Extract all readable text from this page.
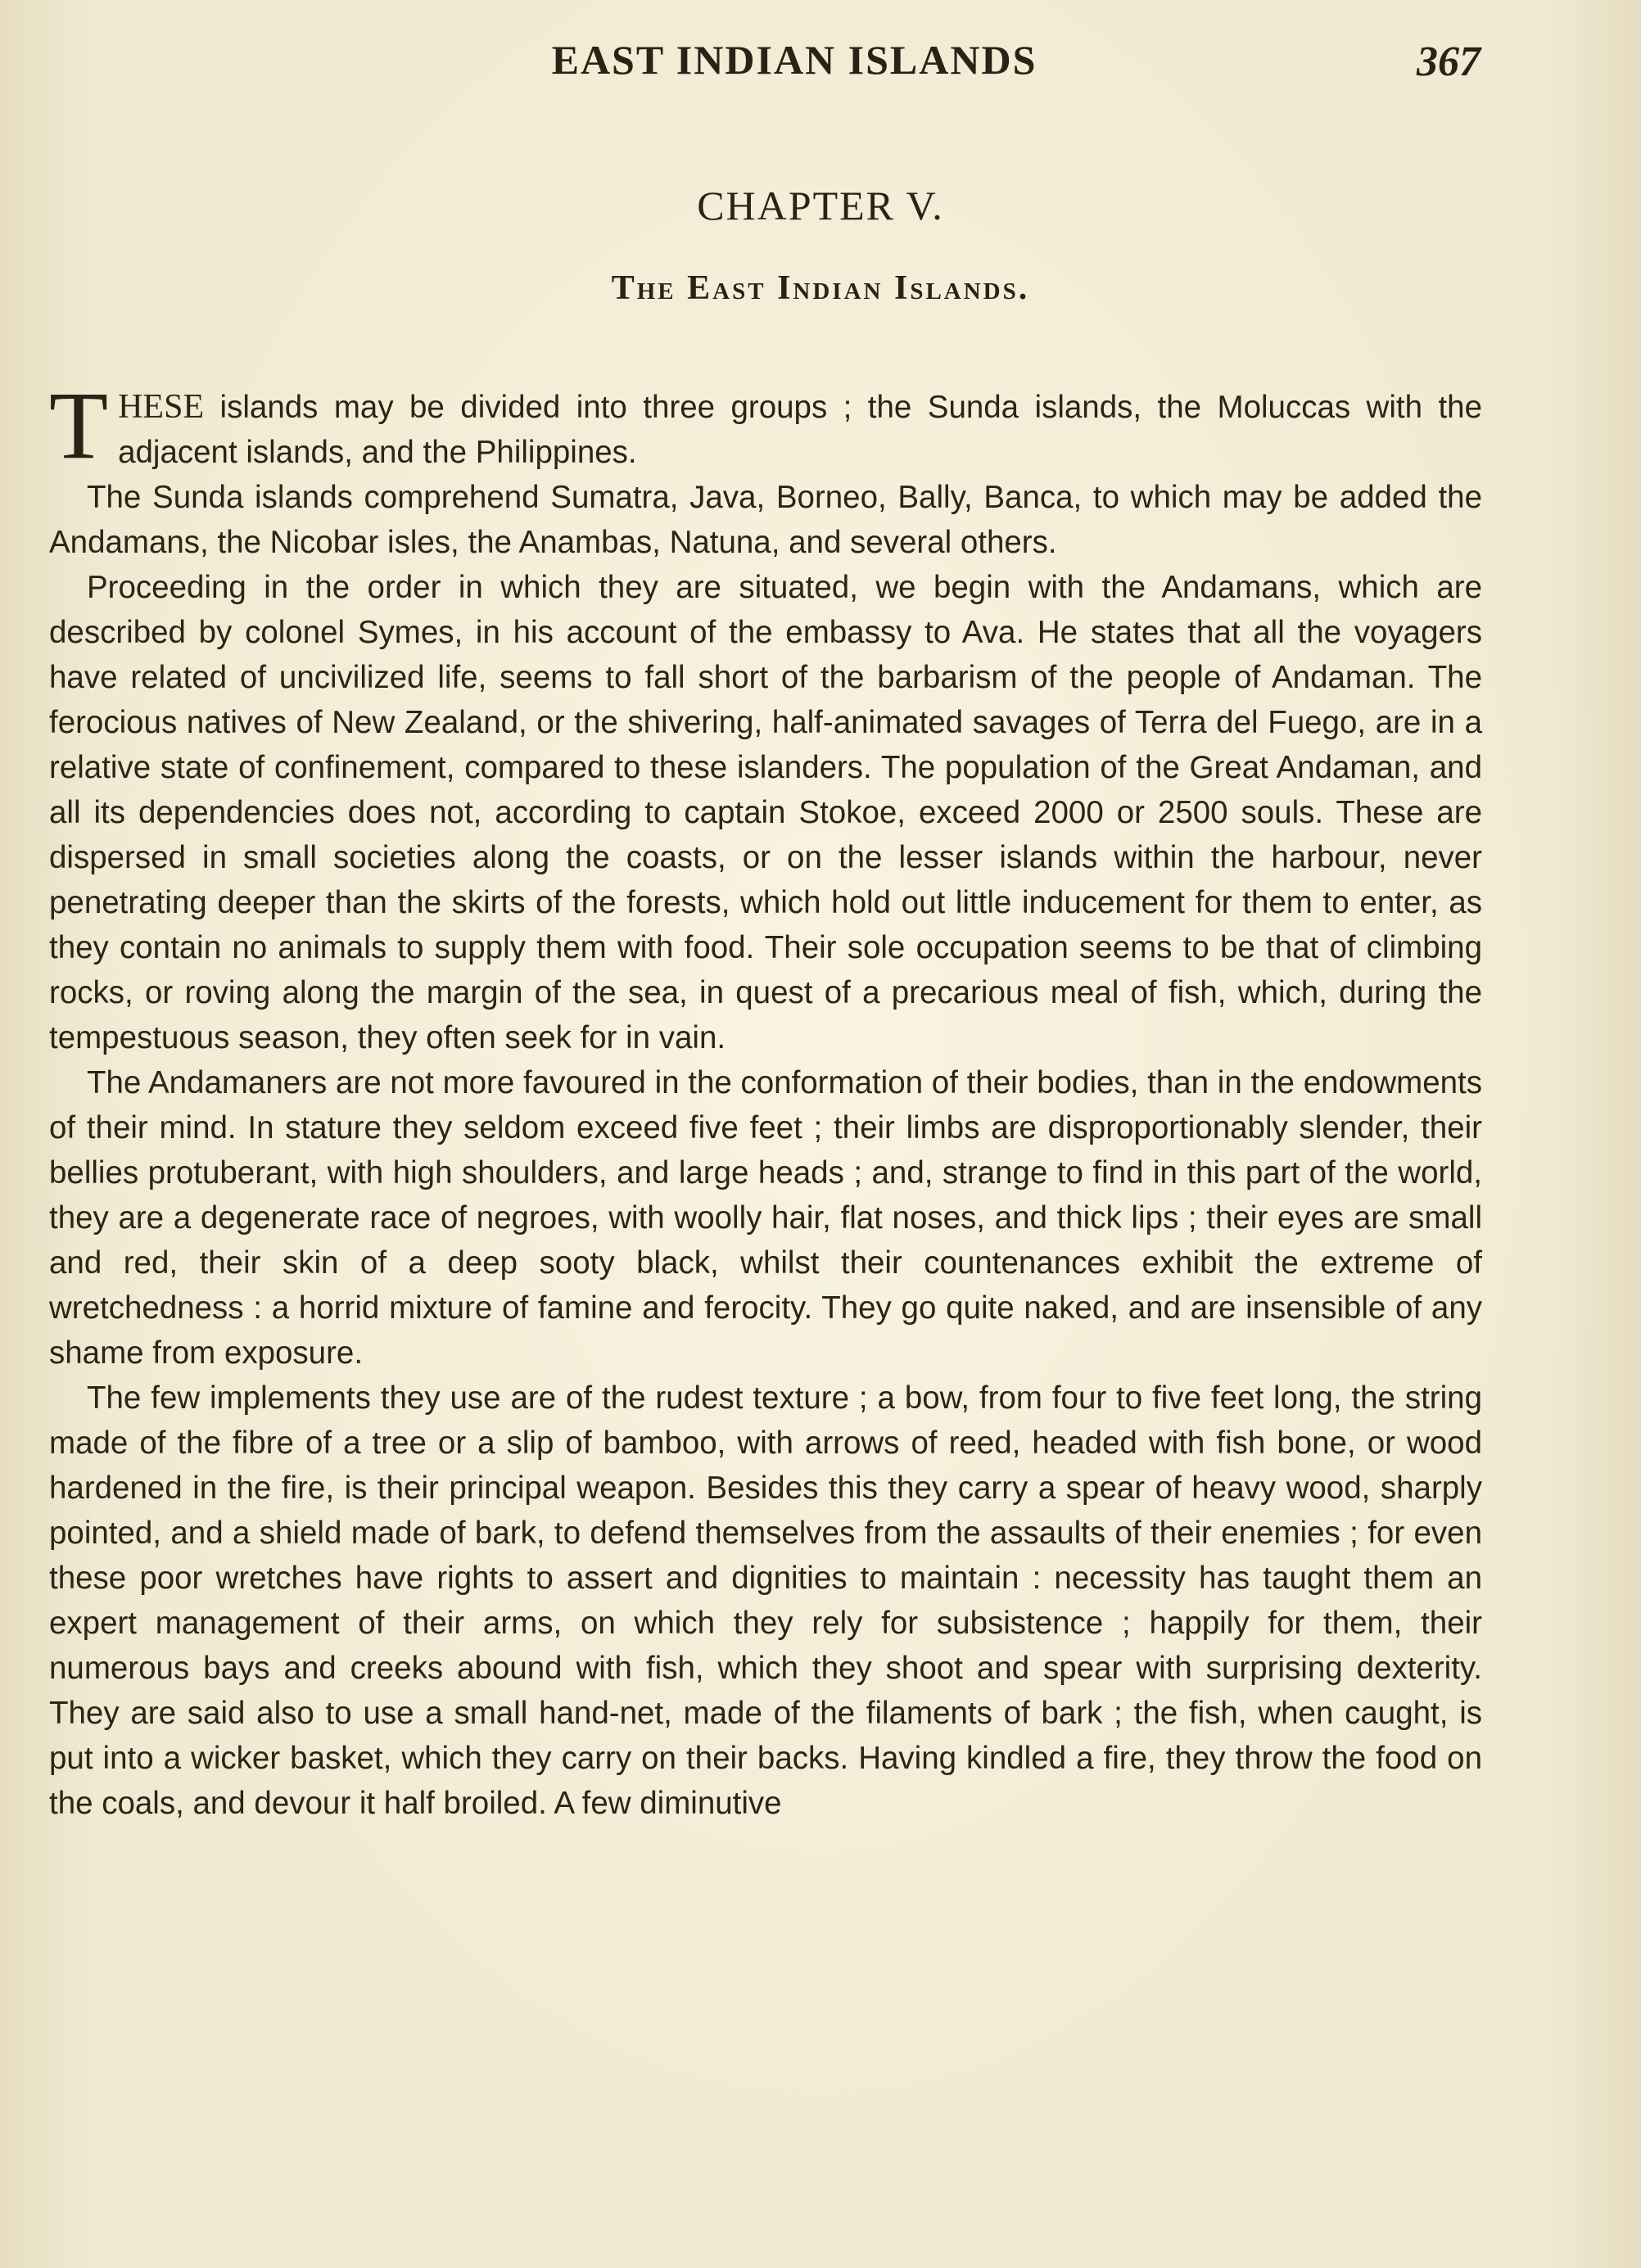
EAST INDIAN ISLANDS	367
CHAPTER V.
The East Indian Islands.

THESE islands may be divided into three groups ; the Sunda islands, the Moluccas with the adjacent islands, and the Philippines.

The Sunda islands comprehend Sumatra, Java, Borneo, Bally, Banca, to which may be added the Andamans, the Nicobar isles, the Anambas, Natuna, and several others.

Proceeding in the order in which they are situated, we begin with the Andamans, which are described by colonel Symes, in his account of the embassy to Ava. He states that all the voyagers have related of uncivilized life, seems to fall short of the barbarism of the people of Andaman. The ferocious natives of New Zealand, or the shivering, half-animated savages of Terra del Fuego, are in a relative state of confinement, compared to these islanders. The population of the Great Andaman, and all its dependencies does not, according to captain Stokoe, exceed 2000 or 2500 souls. These are dispersed in small societies along the coasts, or on the lesser islands within the harbour, never penetrating deeper than the skirts of the forests, which hold out little inducement for them to enter, as they contain no animals to supply them with food. Their sole occupation seems to be that of climbing rocks, or roving along the margin of the sea, in quest of a precarious meal of fish, which, during the tempestuous season, they often seek for in vain.

The Andamaners are not more favoured in the conformation of their bodies, than in the endowments of their mind. In stature they seldom exceed five feet ; their limbs are disproportionably slender, their bellies protuberant, with high shoulders, and large heads ; and, strange to find in this part of the world, they are a degenerate race of negroes, with woolly hair, flat noses, and thick lips ; their eyes are small and red, their skin of a deep sooty black, whilst their countenances exhibit the extreme of wretchedness : a horrid mixture of famine and ferocity. They go quite naked, and are insensible of any shame from exposure.

The few implements they use are of the rudest texture ; a bow, from four to five feet long, the string made of the fibre of a tree or a slip of bamboo, with arrows of reed, headed with fish bone, or wood hardened in the fire, is their principal weapon. Besides this they carry a spear of heavy wood, sharply pointed, and a shield made of bark, to defend themselves from the assaults of their enemies ; for even these poor wretches have rights to assert and dignities to maintain : necessity has taught them an expert management of their arms, on which they rely for subsistence ; happily for them, their numerous bays and creeks abound with fish, which they shoot and spear with surprising dexterity. They are said also to use a small hand-net, made of the filaments of bark ; the fish, when caught, is put into a wicker basket, which they carry on their backs. Having kindled a fire, they throw the food on the coals, and devour it half broiled. A few diminutive
